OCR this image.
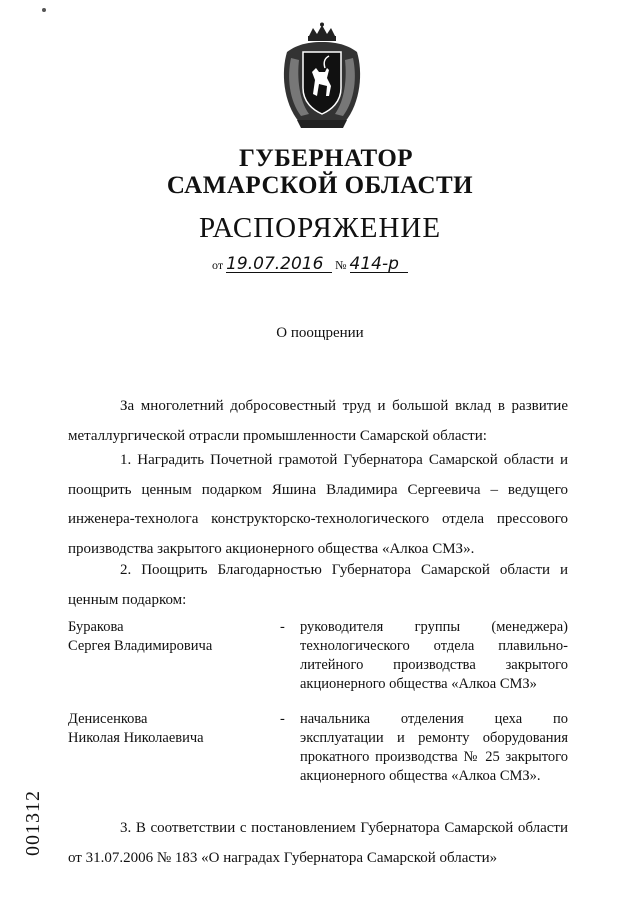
ГУБЕРНАТОР
САМАРСКОЙ ОБЛАСТИ
РАСПОРЯЖЕНИЕ
от 19.07.2016 № 414-р
О поощрении
За многолетний добросовестный труд и большой вклад в развитие металлургической отрасли промышленности Самарской области:
1. Наградить Почетной грамотой Губернатора Самарской области и поощрить ценным подарком Яшина Владимира Сергеевича – ведущего инженера-технолога конструкторско-технологического отдела прессового производства закрытого акционерного общества «Алкоа СМЗ».
2. Поощрить Благодарностью Губернатора Самарской области и ценным подарком:
Буракова
Сергея Владимировича
- руководителя группы (менеджера) технологического отдела плавильно-литейного производства закрытого акционерного общества «Алкоа СМЗ»
Денисенкова
Николая Николаевича
- начальника отделения цеха по эксплуатации и ремонту оборудования прокатного производства № 25 закрытого акционерного общества «Алкоа СМЗ».
3. В соответствии с постановлением Губернатора Самарской области от 31.07.2006 № 183 «О наградах Губернатора Самарской области»
001312
